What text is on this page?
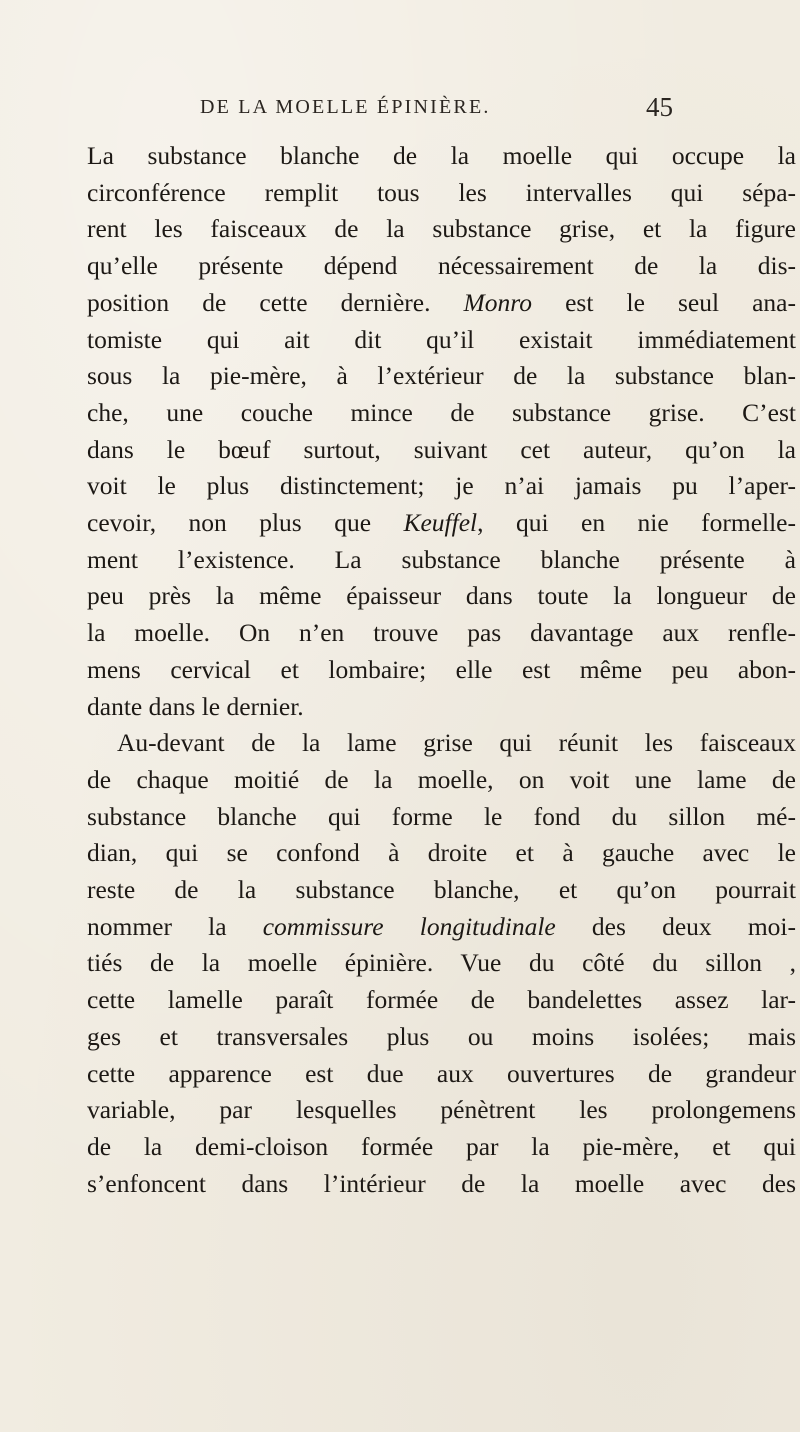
DE LA MOELLE ÉPINIÈRE.	45
La substance blanche de la moelle qui occupe la
circonférence remplit tous les intervalles qui sépa-
rent les faisceaux de la substance grise, et la figure
qu’elle présente dépend nécessairement de la dis-
position de cette dernière. Monro est le seul ana-
tomiste qui ait dit qu’il existait immédiatement
sous la pie-mère, à l’extérieur de la substance blan-
che, une couche mince de substance grise. C’est
dans le bœuf surtout, suivant cet auteur, qu’on la
voit le plus distinctement; je n’ai jamais pu l’aper-
cevoir, non plus que Keuffel, qui en nie formelle-
ment l’existence. La substance blanche présente à
peu près la même épaisseur dans toute la longueur de
la moelle. On n’en trouve pas davantage aux renfle-
mens cervical et lombaire; elle est même peu abon-
dante dans le dernier.
Au-devant de la lame grise qui réunit les faisceaux
de chaque moitié de la moelle, on voit une lame de
substance blanche qui forme le fond du sillon mé-
dian, qui se confond à droite et à gauche avec le
reste de la substance blanche, et qu’on pourrait
nommer la commissure longitudinale des deux moi-
tiés de la moelle épinière. Vue du côté du sillon ,
cette lamelle paraît formée de bandelettes assez lar-
ges et transversales plus ou moins isolées; mais
cette apparence est due aux ouvertures de grandeur
variable, par lesquelles pénètrent les prolongemens
de la demi-cloison formée par la pie-mère, et qui
s’enfoncent dans l’intérieur de la moelle avec des
